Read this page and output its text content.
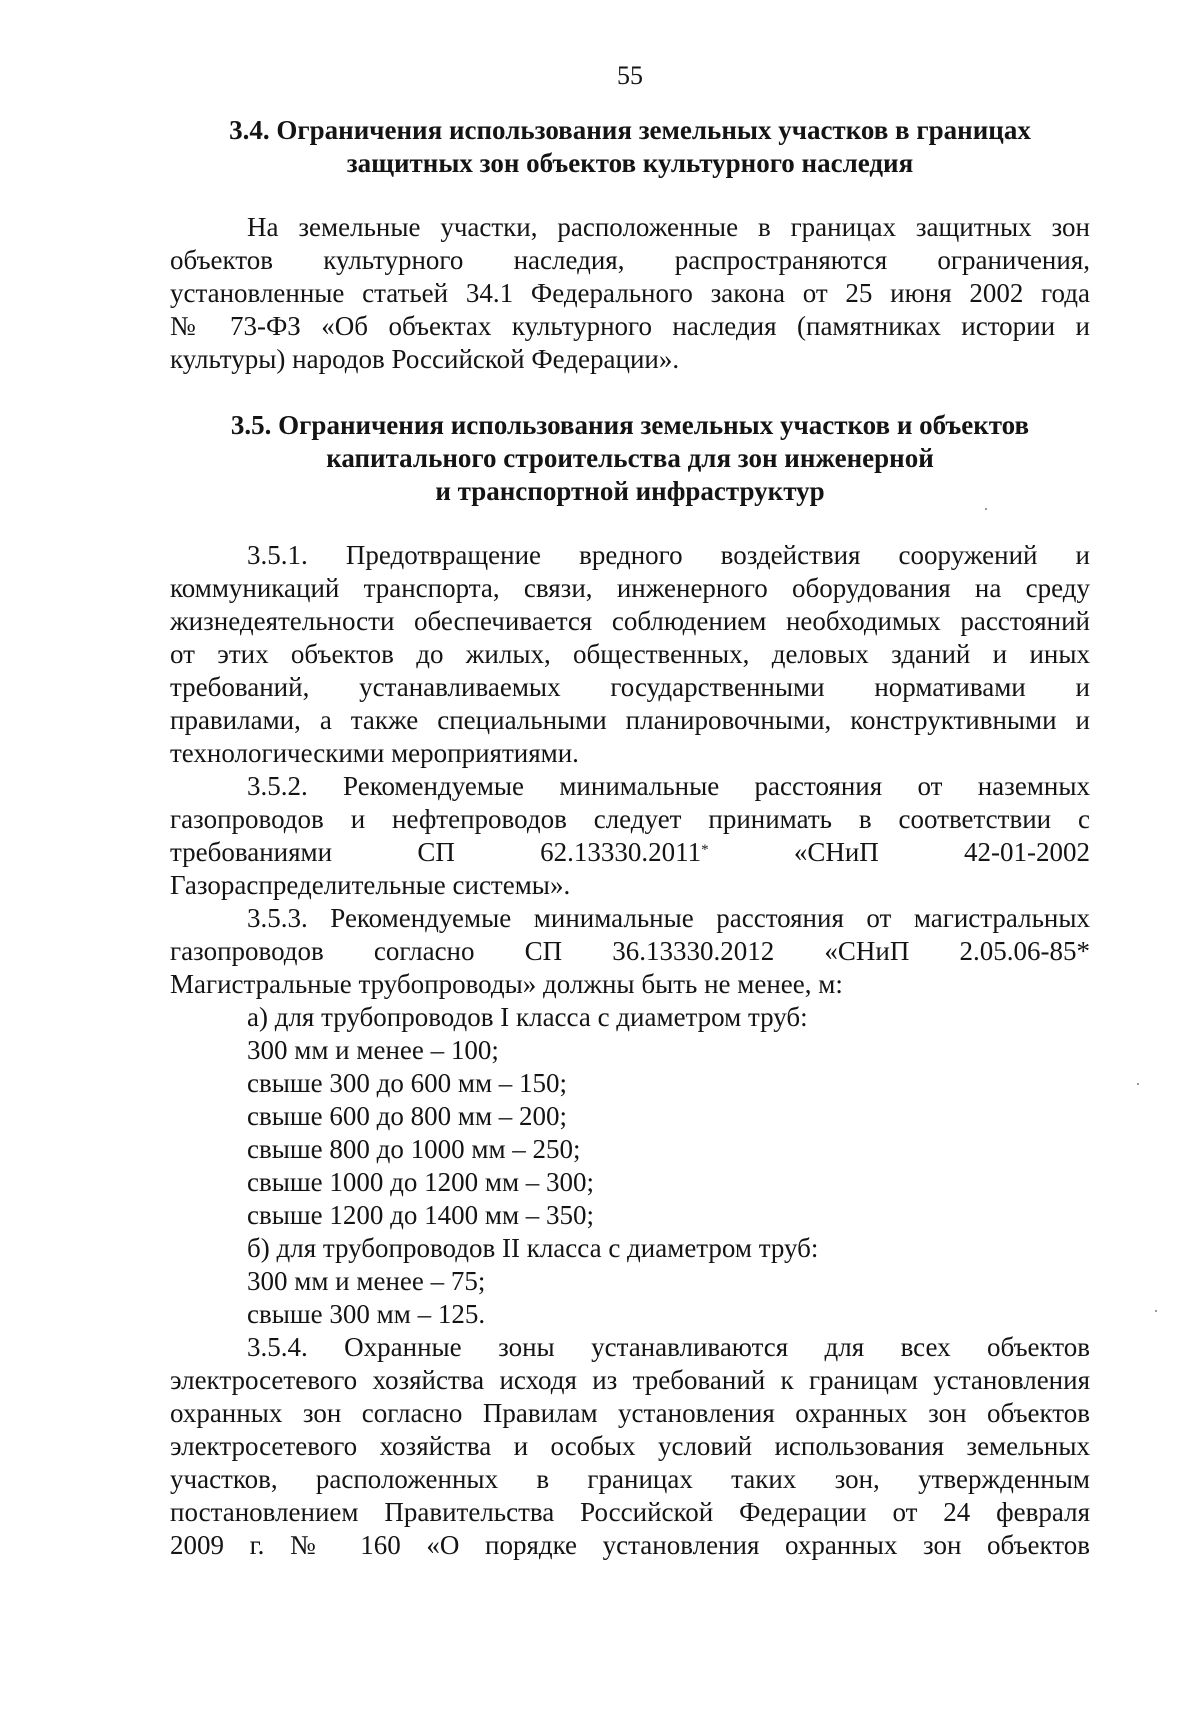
55
3.4. Ограничения использования земельных участков в границах
защитных зон объектов культурного наследия
На земельные участки, расположенные в границах защитных зон
объектов культурного наследия, распространяются ограничения,
установленные статьей 34.1 Федерального закона от 25 июня 2002 года
№ 73-ФЗ «Об объектах культурного наследия (памятниках истории и
культуры) народов Российской Федерации».
3.5. Ограничения использования земельных участков и объектов
капитального строительства для зон инженерной
и транспортной инфраструктур
3.5.1. Предотвращение вредного воздействия сооружений и
коммуникаций транспорта, связи, инженерного оборудования на среду
жизнедеятельности обеспечивается соблюдением необходимых расстояний
от этих объектов до жилых, общественных, деловых зданий и иных
требований, устанавливаемых государственными нормативами и
правилами, а также специальными планировочными, конструктивными и
технологическими мероприятиями.
3.5.2. Рекомендуемые минимальные расстояния от наземных
газопроводов и нефтепроводов следует принимать в соответствии с
требованиями	СП	62.13330.2011*	«СНиП	42-01-2002
Газораспределительные системы».
3.5.3. Рекомендуемые минимальные расстояния от магистральных
газопроводов согласно СП 36.13330.2012 «СНиП 2.05.06-85*
Магистральные трубопроводы» должны быть не менее, м:
а) для трубопроводов I класса с диаметром труб:
300 мм и менее – 100;
свыше 300 до 600 мм – 150;
свыше 600 до 800 мм – 200;
свыше 800 до 1000 мм – 250;
свыше 1000 до 1200 мм – 300;
свыше 1200 до 1400 мм – 350;
б) для трубопроводов II класса с диаметром труб:
300 мм и менее – 75;
свыше 300 мм – 125.
3.5.4. Охранные зоны устанавливаются для всех объектов
электросетевого хозяйства исходя из требований к границам установления
охранных зон согласно Правилам установления охранных зон объектов
электросетевого хозяйства и особых условий использования земельных
участков, расположенных в границах таких зон, утвержденным
постановлением Правительства Российской Федерации от 24 февраля
2009 г. № 160 «О порядке установления охранных зон объектов
